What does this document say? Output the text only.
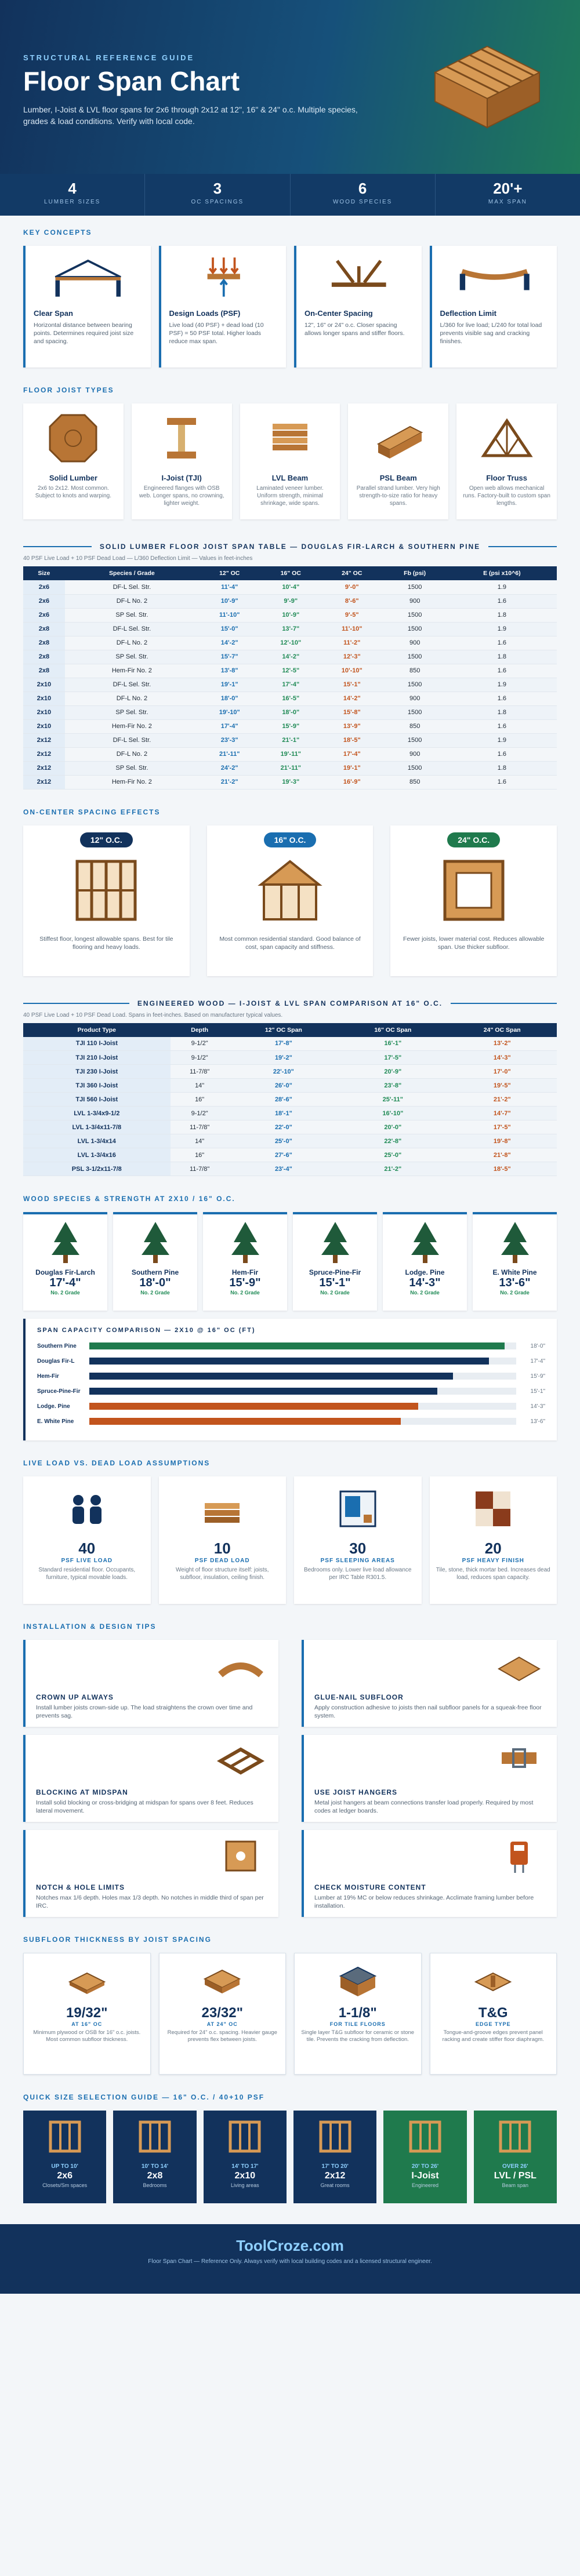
STRUCTURAL REFERENCE GUIDE
Floor Span Chart

Lumber, I-Joist & LVL floor spans for 2x6 through 2x12 at 12", 16" & 24" o.c. Multiple species, grades & load conditions. Verify with local code.

4
LUMBER SIZES
3
OC SPACINGS
6
WOOD SPECIES
20'+
MAX SPAN
KEY CONCEPTS
Clear Span

Horizontal distance between bearing points. Determines required joist size and spacing.

Design Loads (PSF)

Live load (40 PSF) + dead load (10 PSF) = 50 PSF total. Higher loads reduce max span.

On-Center Spacing

12", 16" or 24" o.c. Closer spacing allows longer spans and stiffer floors.

Deflection Limit

L/360 for live load; L/240 for total load prevents visible sag and cracking finishes.

FLOOR JOIST TYPES
Solid Lumber

2x6 to 2x12. Most common. Subject to knots and warping.

I-Joist (TJI)

Engineered flanges with OSB web. Longer spans, no crowning, lighter weight.

LVL Beam

Laminated veneer lumber. Uniform strength, minimal shrinkage, wide spans.

PSL Beam

Parallel strand lumber. Very high strength-to-size ratio for heavy spans.

Floor Truss

Open web allows mechanical runs. Factory-built to custom span lengths.

SOLID LUMBER FLOOR JOIST SPAN TABLE — DOUGLAS FIR-LARCH & SOUTHERN PINE
40 PSF Live Load + 10 PSF Dead Load — L/360 Deflection Limit — Values in feet-inches
Size	Species / Grade	12" OC	16" OC	24" OC	Fb (psi)	E (psi x10^6)
2x6	DF-L Sel. Str.	11'-4"	10'-4"	9'-0"	1500	1.9
2x6	DF-L No. 2	10'-9"	9'-9"	8'-6"	900	1.6
2x6	SP Sel. Str.	11'-10"	10'-9"	9'-5"	1500	1.8
2x8	DF-L Sel. Str.	15'-0"	13'-7"	11'-10"	1500	1.9
2x8	DF-L No. 2	14'-2"	12'-10"	11'-2"	900	1.6
2x8	SP Sel. Str.	15'-7"	14'-2"	12'-3"	1500	1.8
2x8	Hem-Fir No. 2	13'-8"	12'-5"	10'-10"	850	1.6
2x10	DF-L Sel. Str.	19'-1"	17'-4"	15'-1"	1500	1.9
2x10	DF-L No. 2	18'-0"	16'-5"	14'-2"	900	1.6
2x10	SP Sel. Str.	19'-10"	18'-0"	15'-8"	1500	1.8
2x10	Hem-Fir No. 2	17'-4"	15'-9"	13'-9"	850	1.6
2x12	DF-L Sel. Str.	23'-3"	21'-1"	18'-5"	1500	1.9
2x12	DF-L No. 2	21'-11"	19'-11"	17'-4"	900	1.6
2x12	SP Sel. Str.	24'-2"	21'-11"	19'-1"	1500	1.8
2x12	Hem-Fir No. 2	21'-2"	19'-3"	16'-9"	850	1.6
ON-CENTER SPACING EFFECTS
12" O.C.

Stiffest floor, longest allowable spans. Best for tile flooring and heavy loads.

16" O.C.

Most common residential standard. Good balance of cost, span capacity and stiffness.

24" O.C.

Fewer joists, lower material cost. Reduces allowable span. Use thicker subfloor.

ENGINEERED WOOD — I-JOIST & LVL SPAN COMPARISON AT 16" O.C.
40 PSF Live Load + 10 PSF Dead Load. Spans in feet-inches. Based on manufacturer typical values.
Product Type	Depth	12" OC Span	16" OC Span	24" OC Span
TJI 110 I-Joist	9-1/2"	17'-8"	16'-1"	13'-2"
TJI 210 I-Joist	9-1/2"	19'-2"	17'-5"	14'-3"
TJI 230 I-Joist	11-7/8"	22'-10"	20'-9"	17'-0"
TJI 360 I-Joist	14"	26'-0"	23'-8"	19'-5"
TJI 560 I-Joist	16"	28'-6"	25'-11"	21'-2"
LVL 1-3/4x9-1/2	9-1/2"	18'-1"	16'-10"	14'-7"
LVL 1-3/4x11-7/8	11-7/8"	22'-0"	20'-0"	17'-5"
LVL 1-3/4x14	14"	25'-0"	22'-8"	19'-8"
LVL 1-3/4x16	16"	27'-6"	25'-0"	21'-8"
PSL 3-1/2x11-7/8	11-7/8"	23'-4"	21'-2"	18'-5"
WOOD SPECIES & STRENGTH AT 2X10 / 16" O.C.
Douglas Fir-Larch
17'-4"
No. 2 Grade
Southern Pine
18'-0"
No. 2 Grade
Hem-Fir
15'-9"
No. 2 Grade
Spruce-Pine-Fir
15'-1"
No. 2 Grade
Lodge. Pine
14'-3"
No. 2 Grade
E. White Pine
13'-6"
No. 2 Grade
SPAN CAPACITY COMPARISON — 2X10 @ 16" OC (FT)
Southern Pine	18'-0"
Douglas Fir-L	17'-4"
Hem-Fir	15'-9"
Spruce-Pine-Fir	15'-1"
Lodge. Pine	14'-3"
E. White Pine	13'-6"
LIVE LOAD VS. DEAD LOAD ASSUMPTIONS
40
PSF LIVE LOAD

Standard residential floor. Occupants, furniture, typical movable loads.

10
PSF DEAD LOAD

Weight of floor structure itself: joists, subfloor, insulation, ceiling finish.

30
PSF SLEEPING AREAS

Bedrooms only. Lower live load allowance per IRC Table R301.5.

20
PSF HEAVY FINISH

Tile, stone, thick mortar bed. Increases dead load, reduces span capacity.

INSTALLATION & DESIGN TIPS
CROWN UP ALWAYS

Install lumber joists crown-side up. The load straightens the crown over time and prevents sag.

GLUE-NAIL SUBFLOOR

Apply construction adhesive to joists then nail subfloor panels for a squeak-free floor system.

BLOCKING AT MIDSPAN

Install solid blocking or cross-bridging at midspan for spans over 8 feet. Reduces lateral movement.

USE JOIST HANGERS

Metal joist hangers at beam connections transfer load properly. Required by most codes at ledger boards.

NOTCH & HOLE LIMITS

Notches max 1/6 depth. Holes max 1/3 depth. No notches in middle third of span per IRC.

CHECK MOISTURE CONTENT

Lumber at 19% MC or below reduces shrinkage. Acclimate framing lumber before installation.

SUBFLOOR THICKNESS BY JOIST SPACING
19/32"
AT 16" OC

Minimum plywood or OSB for 16" o.c. joists. Most common subfloor thickness.

23/32"
AT 24" OC

Required for 24" o.c. spacing. Heavier gauge prevents flex between joists.

1-1/8"
FOR TILE FLOORS

Single layer T&G subfloor for ceramic or stone tile. Prevents the cracking from deflection.

T&G
EDGE TYPE

Tongue-and-groove edges prevent panel racking and create stiffer floor diaphragm.

QUICK SIZE SELECTION GUIDE — 16" O.C. / 40+10 PSF
UP TO 10'
2x6
Closets/Sm spaces
10' TO 14'
2x8
Bedrooms
14' TO 17'
2x10
Living areas
17' TO 20'
2x12
Great rooms
20' TO 26'
I-Joist
Engineered
OVER 26'
LVL / PSL
Beam span
ToolCroze.com
Floor Span Chart — Reference Only. Always verify with local building codes and a licensed structural engineer.
